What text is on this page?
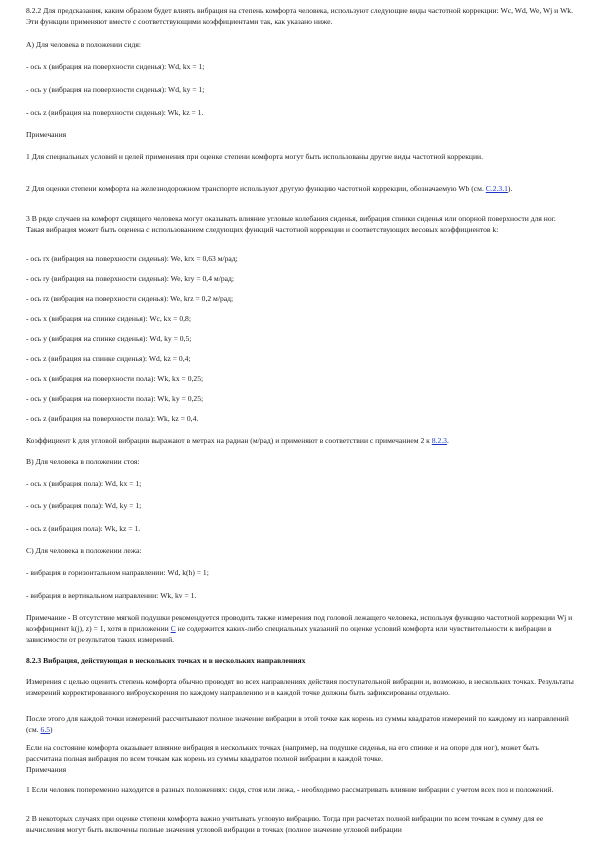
8.2.2 Для предсказания, каким образом будет влиять вибрация на степень комфорта человека, используют следующие виды частотной коррекции: Wc, Wd, We, Wj и Wk. Эти функции применяют вместе с соответствующими коэффициентами так, как указано ниже.

A) Для человека в положении сидя:

- ось x (вибрация на поверхности сиденья): Wd, kx = 1;

- ось y (вибрация на поверхности сиденья): Wd, ky = 1;

- ось z (вибрация на поверхности сиденья): Wk, kz = 1.

Примечания

1 Для специальных условий и целей применения при оценке степени комфорта могут быть использованы другие виды частотной коррекции.

2 Для оценки степени комфорта на железнодорожном транспорте используют другую функцию частотной коррекции, обозначаемую Wb (см. C.2.3.1).

3 В ряде случаев на комфорт сидящего человека могут оказывать влияние угловые колебания сиденья, вибрация спинки сиденья или опорной поверхности для ног. Такая вибрация может быть оценена с использованием следующих функций частотной коррекции и соответствующих весовых коэффициентов k:

- ось rx (вибрация на поверхности сиденья): We, krx = 0,63 м/рад;

- ось ry (вибрация на поверхности сиденья): We, kry = 0,4 м/рад;

- ось rz (вибрация на поверхности сиденья): We, krz = 0,2 м/рад;

- ось x (вибрация на спинке сиденья): Wc, kx = 0,8;

- ось y (вибрация на спинке сиденья): Wd, ky = 0,5;

- ось z (вибрация на спинке сиденья): Wd, kz = 0,4;

- ось x (вибрация на поверхности пола): Wk, kx = 0,25;

- ось y (вибрация на поверхности пола): Wk, ky = 0,25;

- ось z (вибрация на поверхности пола): Wk, kz = 0,4.

Коэффициент k для угловой вибрации выражают в метрах на радиан (м/рад) и применяют в соответствии с примечанием 2 к 8.2.3.

B) Для человека в положении стоя:

- ось x (вибрация пола): Wd, kx = 1;

- ось y (вибрация пола): Wd, ky = 1;

- ось z (вибрация пола): Wk, kz = 1.

C) Для человека в положении лежа:

- вибрация в горизонтальном направлении: Wd, k(h) = 1;

- вибрация в вертикальном направлении: Wk, kv = 1.

Примечание - В отсутствие мягкой подушки рекомендуется проводить также измерения под головой лежащего человека, используя функцию частотной коррекции Wj и коэффициент k(j), z) = 1, хотя в приложении C не содержится каких-либо специальных указаний по оценке условий комфорта или чувствительности к вибрации в зависимости от результатов таких измерений.

8.2.3 Вибрация, действующая в нескольких точках и в нескольких направлениях

Измерения с целью оценить степень комфорта обычно проводят во всех направлениях действия поступательной вибрации и, возможно, в нескольких точках. Результаты измерений корректированного виброускорения по каждому направлению и в каждой точке должны быть зафиксированы отдельно.

После этого для каждой точки измерений рассчитывают полное значение вибрации в этой точке как корень из суммы квадратов измерений по каждому из направлений (см. 6.5)

Если на состояние комфорта оказывает влияние вибрация в нескольких точках (например, на подушке сиденья, на его спинке и на опоре для ног), может быть рассчитана полная вибрация по всем точкам как корень из суммы квадратов полной вибрации в каждой точке.

Примечания

1 Если человек попеременно находится в разных положениях: сидя, стоя или лежа, - необходимо рассматривать влияние вибрации с учетом всех поз и положений.

2 В некоторых случаях при оценке степени комфорта важно учитывать угловую вибрацию. Тогда при расчетах полной вибрации по всем точкам в сумму для ее вычисления могут быть включены полные значения угловой вибрации в точках (полное значение угловой вибрации
